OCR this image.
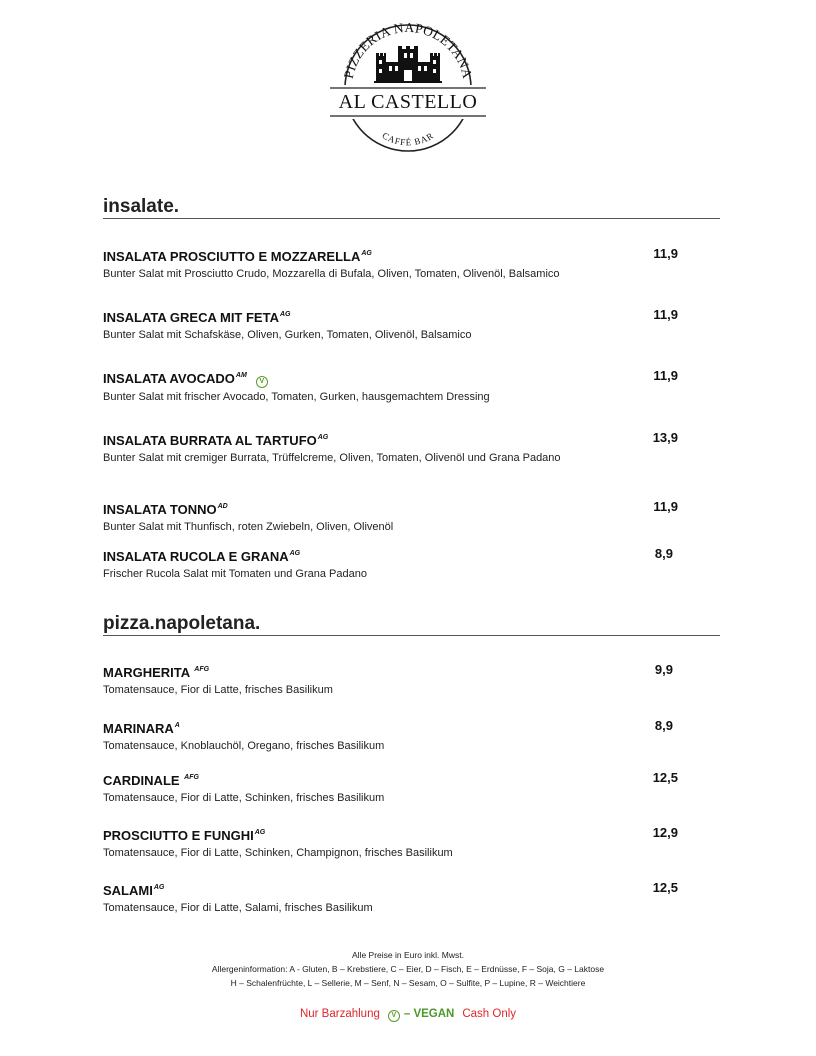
PIZZERIA NAPOLETANA
AL CASTELLO
CAFFÉ BAR
insalate.
INSALATA PROSCIUTTO E $MOZZARELLA^{AG}$
Bunter Salat mit Prosciutto Crudo, Mozzarella di Bufala, Oliven, Tomaten, Olivenöl, Balsamico
11,9
INSALATA GRECA MIT $FETA^{AG}$
Bunter Salat mit Schafskäse, Oliven, Gurken, Tomaten, Olivenöl, Balsamico
11,9
INSALATA $AVOCADO^{AM}V$
Bunter Salat mit frischer Avocado, Tomaten, Gurken, hausgemachtem Dressing
11,9
INSALATA BURRATA AL $TARTUFO^{AG}$
Bunter Salat mit cremiger Burrata, Trüffelcreme, Oliven, Tomaten, Olivenöl und Grana Padano
13,9
INSALATA $TONNO^{AD}$
Bunter Salat mit Thunfisch, roten Zwiebeln, Oliven, Olivenöl
11,9
INSALATA RUCOLA E $GRANA^{AG}$
Frischer Rucola Salat mit Tomaten und Grana Padano
8,9
pizza.napoletana.
MARGHERITA $^{AFG}$
Tomatensauce, Fior di Latte, frisches Basilikum
9,9
$MARINARA^A$
Tomatensauce, Knoblauchöl, Oregano, frisches Basilikum
8,9
CARDINALE $^{AFG}$
Tomatensauce, Fior di Latte, Schinken, frisches Basilikum
12,5
PROSCIUTTO E $FUNGHI^{AG}$
Tomatensauce, Fior di Latte, Schinken, Champignon, frisches Basilikum
12,9
$SALAMI^{AG}$
Tomatensauce, Fior di Latte, Salami, frisches Basilikum
12,5
Alle Preise in Euro inkl. Mwst.
Allergeninformation: A - Gluten, B – Krebstiere, C – Eier, D – Fisch, E – Erdnüsse, F – Soja, G – Laktose
H – Schalenfrüchte, L – Sellerie, M – Senf, N – Sesam, O – Sulfite, P – Lupine, R – Weichtiere
Nur Barzahlung V – VEGAN Cash Only
